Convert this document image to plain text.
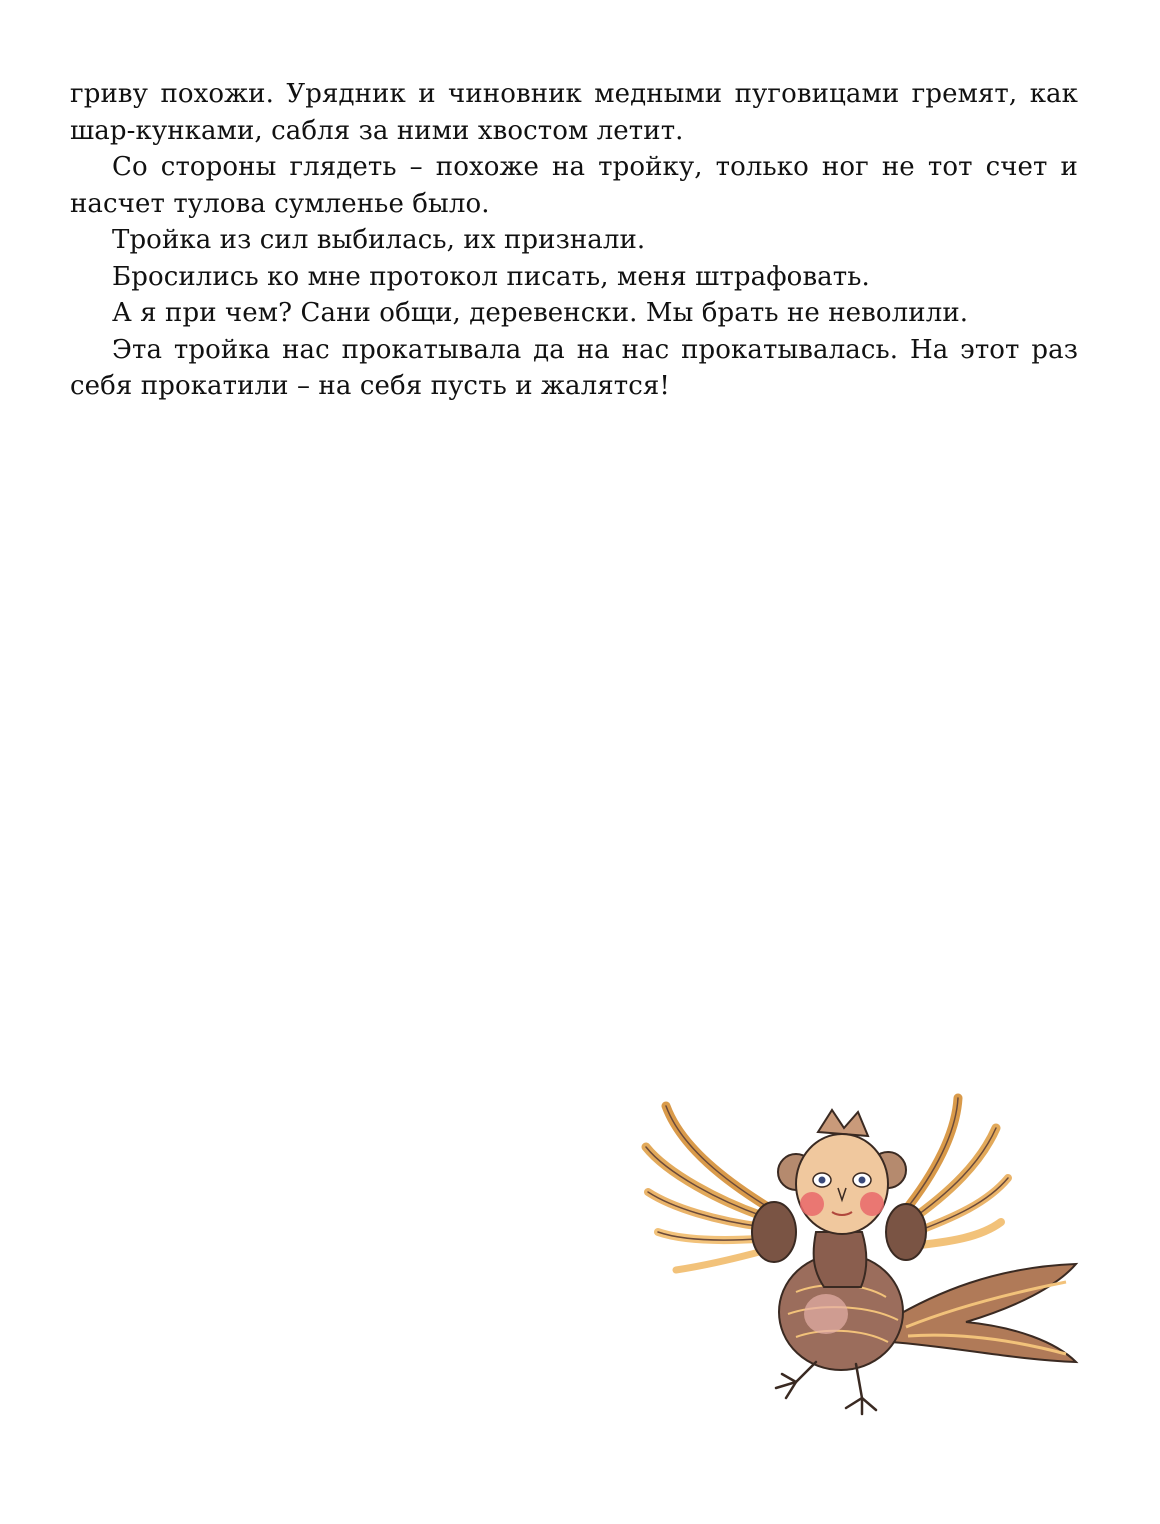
гриву похожи. Урядник и чиновник медными пуговицами гремят, как шар-кунками, сабля за ними хвостом летит.

Со стороны глядеть – похоже на тройку, только ног не тот счет и насчет тулова сумленье было.

Тройка из сил выбилась, их признали.

Бросились ко мне протокол писать, меня штрафовать.

А я при чем? Сани общи, деревенски. Мы брать не неволили.

Эта тройка нас прокатывала да на нас прокатывалась. На этот раз себя прокатили – на себя пусть и жалятся!
